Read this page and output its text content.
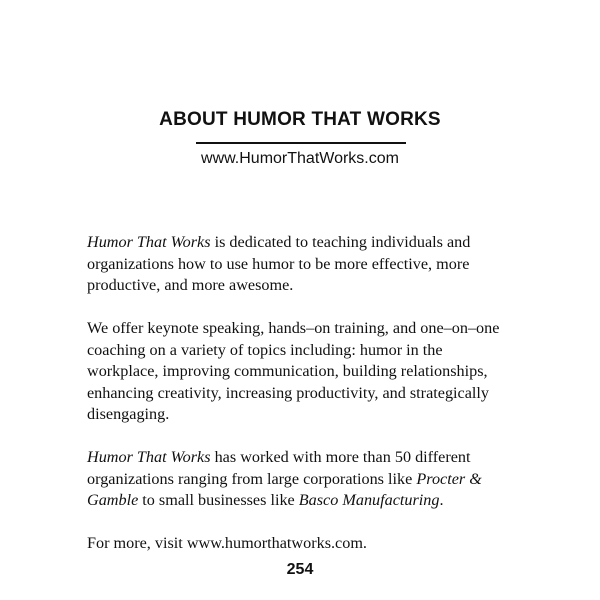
ABOUT HUMOR THAT WORKS
www.HumorThatWorks.com

Humor That Works is dedicated to teaching individuals and organizations how to use humor to be more effective, more productive, and more awesome.

We offer keynote speaking, hands–on training, and one–on–one coaching on a variety of topics including: humor in the workplace, improving communication, building relationships, enhancing creativity, increasing productivity, and strategically disengaging.

Humor That Works has worked with more than 50 different organizations ranging from large corporations like Procter & Gamble to small businesses like Basco Manufacturing.

For more, visit www.humorthatworks.com.

254
